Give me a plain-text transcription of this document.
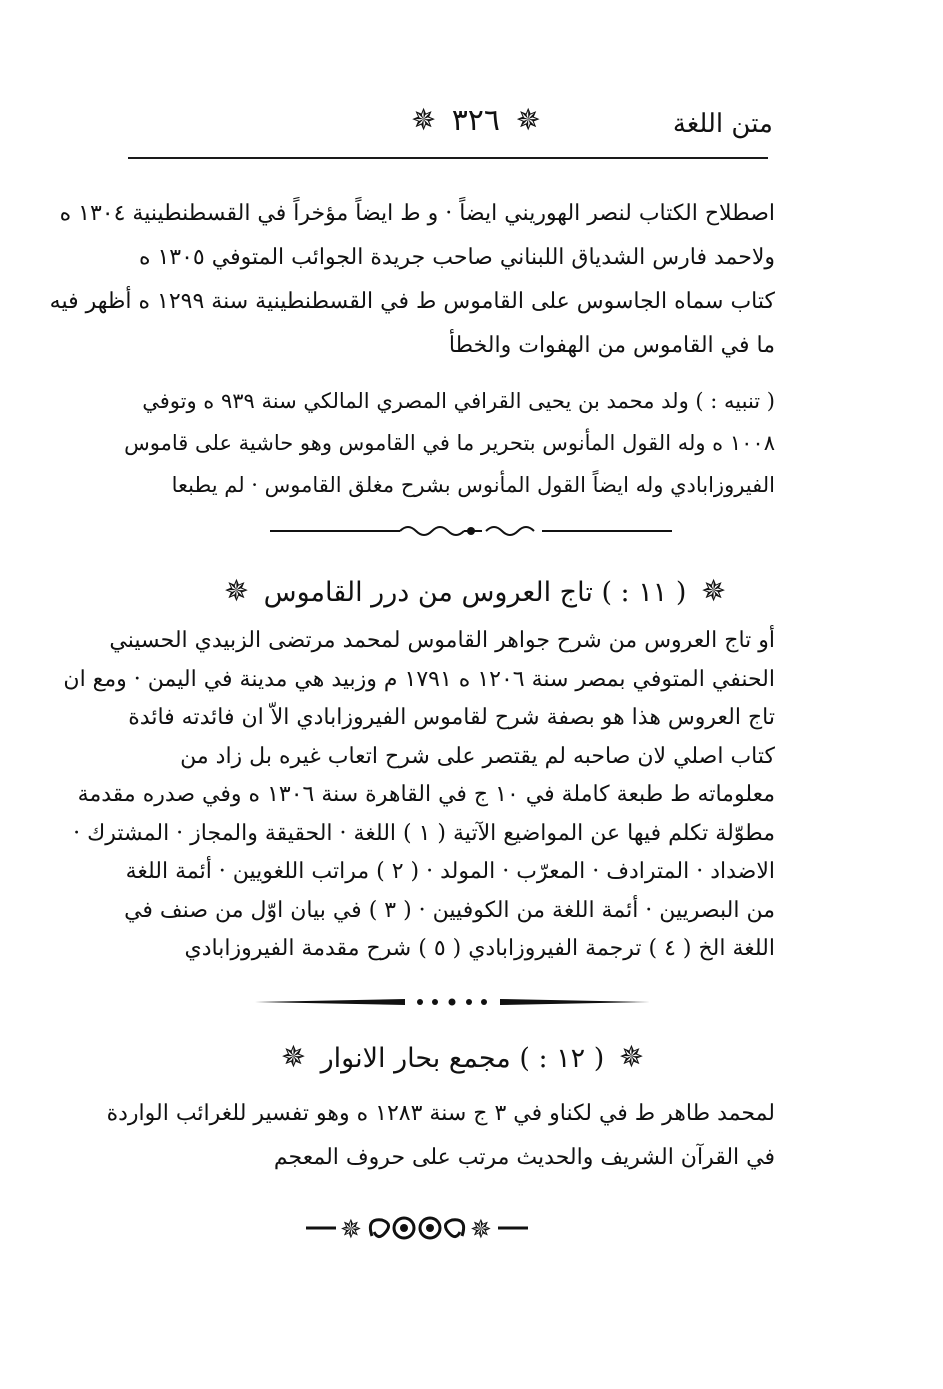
متن اللغة
✵ ٣٢٦ ✵
اصطلاح الكتاب لنصر الهوريني ايضاً · و ط ايضاً مؤخراً في القسطنطينية ١٣٠٤ ه
ولاحمد فارس الشدياق اللبناني صاحب جريدة الجوائب المتوفي ١٣٠٥ ه
كتاب سماه الجاسوس على القاموس ط في القسطنطينية سنة ١٢٩٩ ه أظهر فيه
ما في القاموس من الهفوات والخطأ
( تنبيه : ) ولد محمد بن يحيى القرافي المصري المالكي سنة ٩٣٩ ه وتوفي
١٠٠٨ ه وله القول المأنوس بتحرير ما في القاموس وهو حاشية على قاموس
الفيروزابادي وله ايضاً القول المأنوس بشرح مغلق القاموس · لم يطبعا
✵ ( ١١ : ) تاج العروس من درر القاموس ✵
أو تاج العروس من شرح جواهر القاموس لمحمد مرتضى الزبيدي الحسيني
الحنفي المتوفي بمصر سنة ١٢٠٦ ه ١٧٩١ م وزبيد هي مدينة في اليمن · ومع ان
تاج العروس هذا هو بصفة شرح لقاموس الفيروزابادي الاّ ان فائدته فائدة
كتاب اصلي لان صاحبه لم يقتصر على شرح اتعاب غيره بل زاد من
معلوماته ط طبعة كاملة في ١٠ ج في القاهرة سنة ١٣٠٦ ه وفي صدره مقدمة
مطوّلة تكلم فيها عن المواضيع الآتية ( ١ ) اللغة · الحقيقة والمجاز · المشترك ·
الاضداد · المترادف · المعرّب · المولد · ( ٢ ) مراتب اللغويين · أئمة اللغة
من البصريين · أئمة اللغة من الكوفيين · ( ٣ ) في بيان اوّل من صنف في
اللغة الخ ( ٤ ) ترجمة الفيروزابادي ( ٥ ) شرح مقدمة الفيروزابادي
✵ ( ١٢ : ) مجمع بحار الانوار ✵
لمحمد طاهر ط في لكناو في ٣ ج سنة ١٢٨٣ ه وهو تفسير للغرائب الواردة
في القرآن الشريف والحديث مرتب على حروف المعجم
✵	✵
